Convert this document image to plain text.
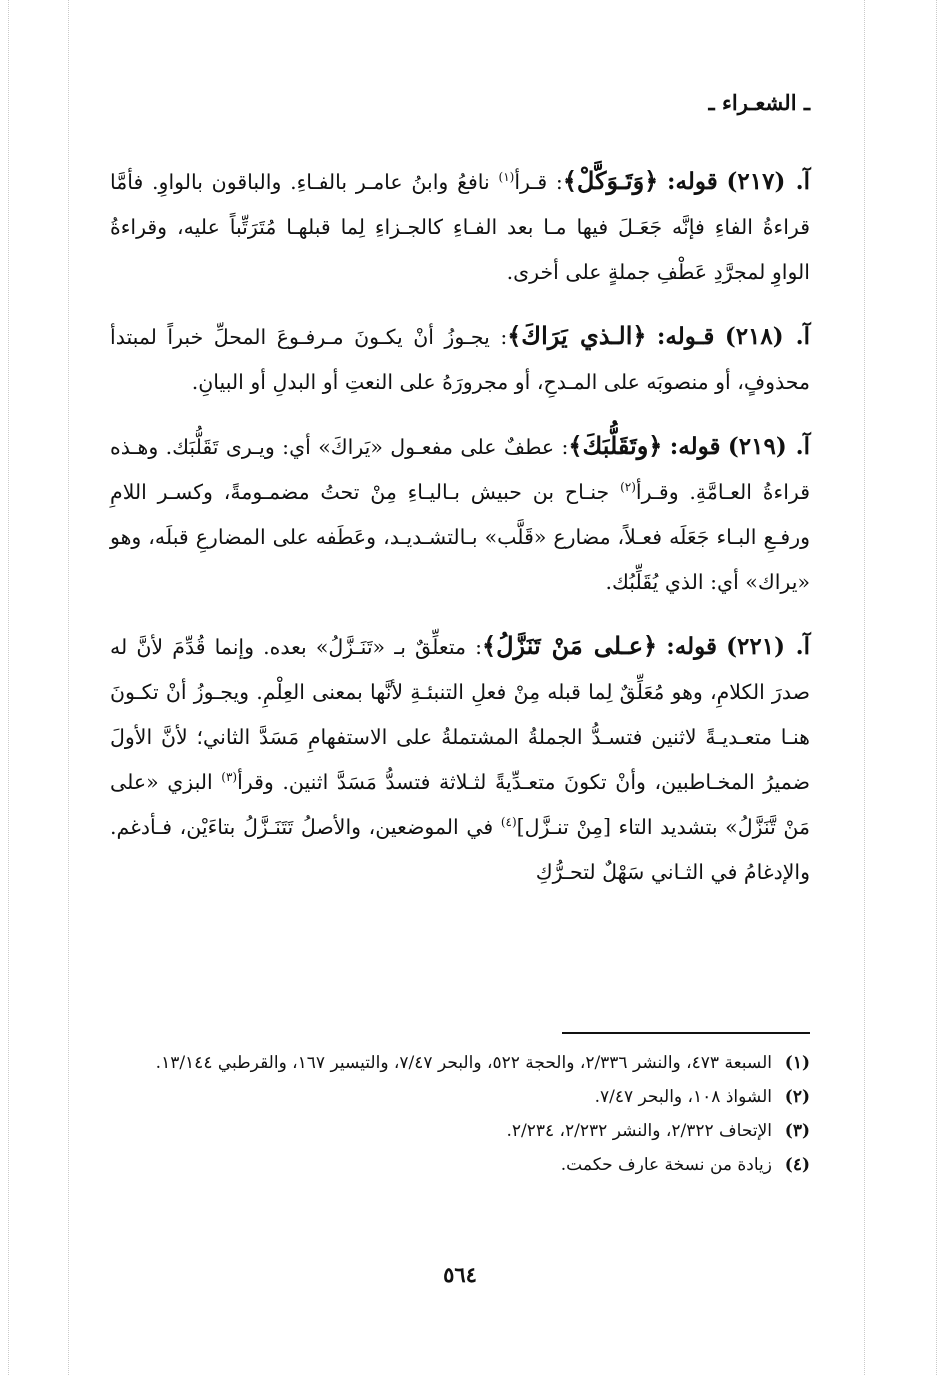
ـ الشعـراء ـ

آ. (٢١٧) قوله: ﴿وَتَـوَكَّلْ﴾: قـرأ$^{(١)}$ نافعُ وابنُ عامـر بالفـاءِ. والباقون بالواوِ. فأمَّا قراءةُ الفاءِ فإنَّه جَعَـلَ فيها مـا بعد الفـاءِ كالجـزاءِ لِما قبلهـا مُتَرَتِّباً عليه، وقراءةُ الواوِ لمجرَّدِ عَطْفِ جملةٍ على أخرى.

آ. (٢١٨) قـوله: ﴿الـذي يَرَاكَ﴾: يجـوزُ أنْ يكـونَ مـرفـوعَ المحلِّ خبراً لمبتدأ محذوفٍ، أو منصوبَه على المـدحِ، أو مجرورَهُ على النعتِ أو البدلِ أو البيانِ.

آ. (٢١٩) قوله: ﴿وتَقَلُّبَكَ﴾: عطفٌ على مفعـول «يَراكَ» أي: ويـرى تَقَلُّبَك. وهـذه قراءةُ العـامَّةِ. وقـرأ$^{(٢)}$ جنـاح بن حبيش بـاليـاءِ مِنْ تحتُ مضمـومةً، وكسـر اللامِ ورفـعِ البـاء جَعَلَه فعـلاً، مضارع «قَلَّب» بـالتشـديـد، وعَطَفه على المضارعِ قبلَه، وهو «يراك» أي: الذي يُقَلِّبُك.

آ. (٢٢١) قوله: ﴿عـلى مَنْ تَنَزَّلُ﴾: متعلِّقٌ بـ «تَنَـزَّلُ» بعده. وإنما قُدِّمَ لأنَّ له صدرَ الكلامِ، وهو مُعَلِّقٌ لِما قبله مِنْ فعلِ التنبئـةِ لأنَّها بمعنى العِلْمِ. ويجـوزُ أنْ تكـونَ هنـا متعـديـةً لاثنين فتسـدُّ الجملةُ المشتملةُ على الاستفهامِ مَسَدَّ الثاني؛ لأنَّ الأولَ ضميرُ المخـاطبين، وأنْ تكونَ متعـدِّيةً لثـلاثة فتسدُّ مَسَدَّ اثنين. وقرأ$^{(٣)}$ البزي «على مَنْ تَّنَزَّلُ» بتشديد التاء [مِنْ تنـزَّل]$^{(٤)}$ في الموضعين، والأصلُ تَتَنَـزَّلُ بتاءَيْن، فـأدغم. والإدغامُ في الثـاني سَهْلٌ لتحـرُّكِ

(١)
السبعة ٤٧٣، والنشر ٢/٣٣٦، والحجة ٥٢٢، والبحر ٧/٤٧، والتيسير ١٦٧، والقرطبي ١٣/١٤٤.
(٢)
الشواذ ١٠٨، والبحر ٧/٤٧.
(٣)
الإتحاف ٢/٣٢٢، والنشر ٢/٢٣٢، ٢/٢٣٤.
(٤)
زيادة من نسخة عارف حكمت.
٥٦٤
